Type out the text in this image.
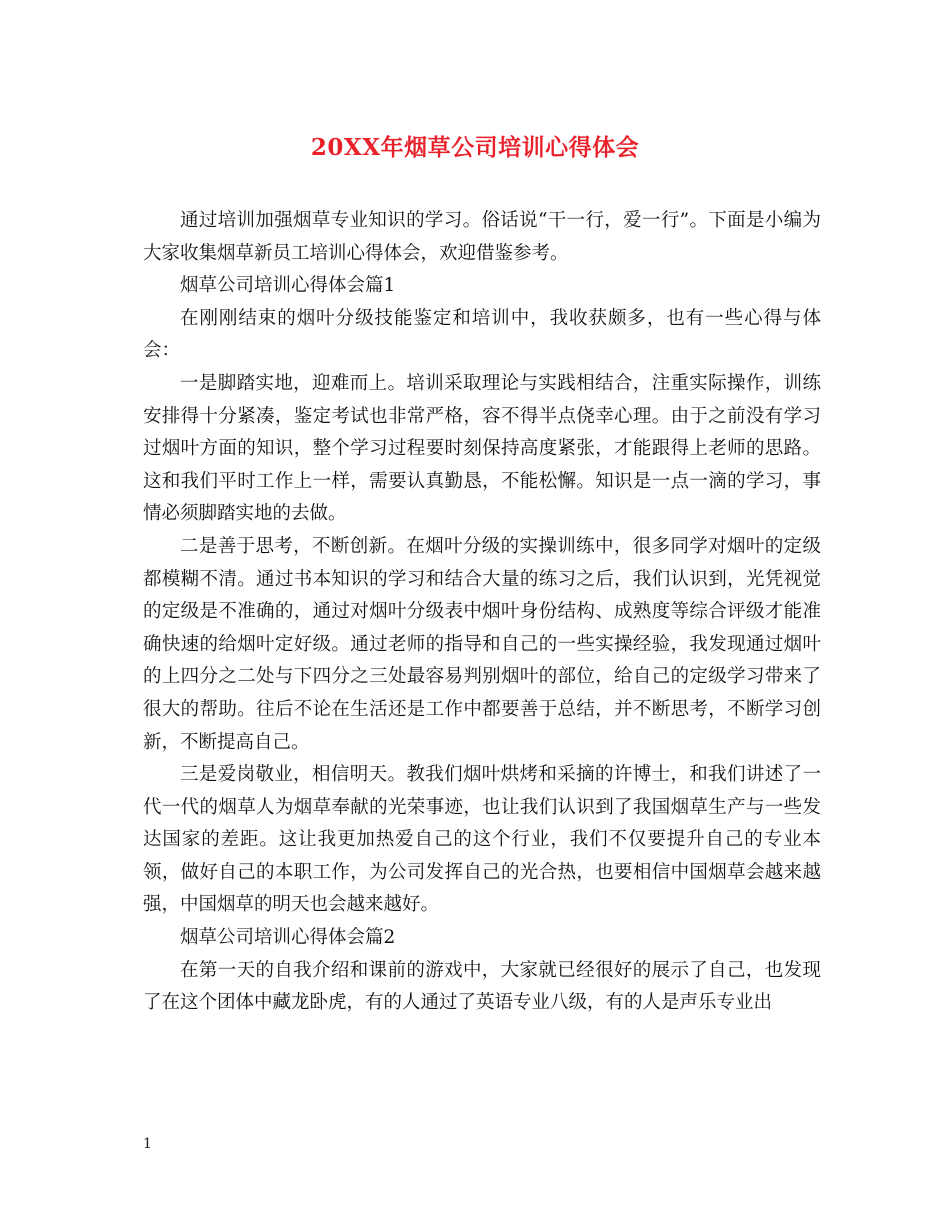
20XX年烟草公司培训心得体会

通过培训加强烟草专业知识的学习。俗话说“干一行，爱一行”。下面是小编为大家收集烟草新员工培训心得体会，欢迎借鉴参考。

烟草公司培训心得体会篇1

在刚刚结束的烟叶分级技能鉴定和培训中，我收获颇多，也有一些心得与体会：

一是脚踏实地，迎难而上。培训采取理论与实践相结合，注重实际操作，训练安排得十分紧凑，鉴定考试也非常严格，容不得半点侥幸心理。由于之前没有学习过烟叶方面的知识，整个学习过程要时刻保持高度紧张，才能跟得上老师的思路。这和我们平时工作上一样，需要认真勤恳，不能松懈。知识是一点一滴的学习，事情必须脚踏实地的去做。

二是善于思考，不断创新。在烟叶分级的实操训练中，很多同学对烟叶的定级都模糊不清。通过书本知识的学习和结合大量的练习之后，我们认识到，光凭视觉的定级是不准确的，通过对烟叶分级表中烟叶身份结构、成熟度等综合评级才能准确快速的给烟叶定好级。通过老师的指导和自己的一些实操经验，我发现通过烟叶的上四分之二处与下四分之三处最容易判别烟叶的部位，给自己的定级学习带来了很大的帮助。往后不论在生活还是工作中都要善于总结，并不断思考，不断学习创新，不断提高自己。

三是爱岗敬业，相信明天。教我们烟叶烘烤和采摘的许博士，和我们讲述了一代一代的烟草人为烟草奉献的光荣事迹，也让我们认识到了我国烟草生产与一些发达国家的差距。这让我更加热爱自己的这个行业，我们不仅要提升自己的专业本领，做好自己的本职工作，为公司发挥自己的光合热，也要相信中国烟草会越来越强，中国烟草的明天也会越来越好。

烟草公司培训心得体会篇2

在第一天的自我介绍和课前的游戏中，大家就已经很好的展示了自己，也发现了在这个团体中藏龙卧虎，有的人通过了英语专业八级，有的人是声乐专业出

1
